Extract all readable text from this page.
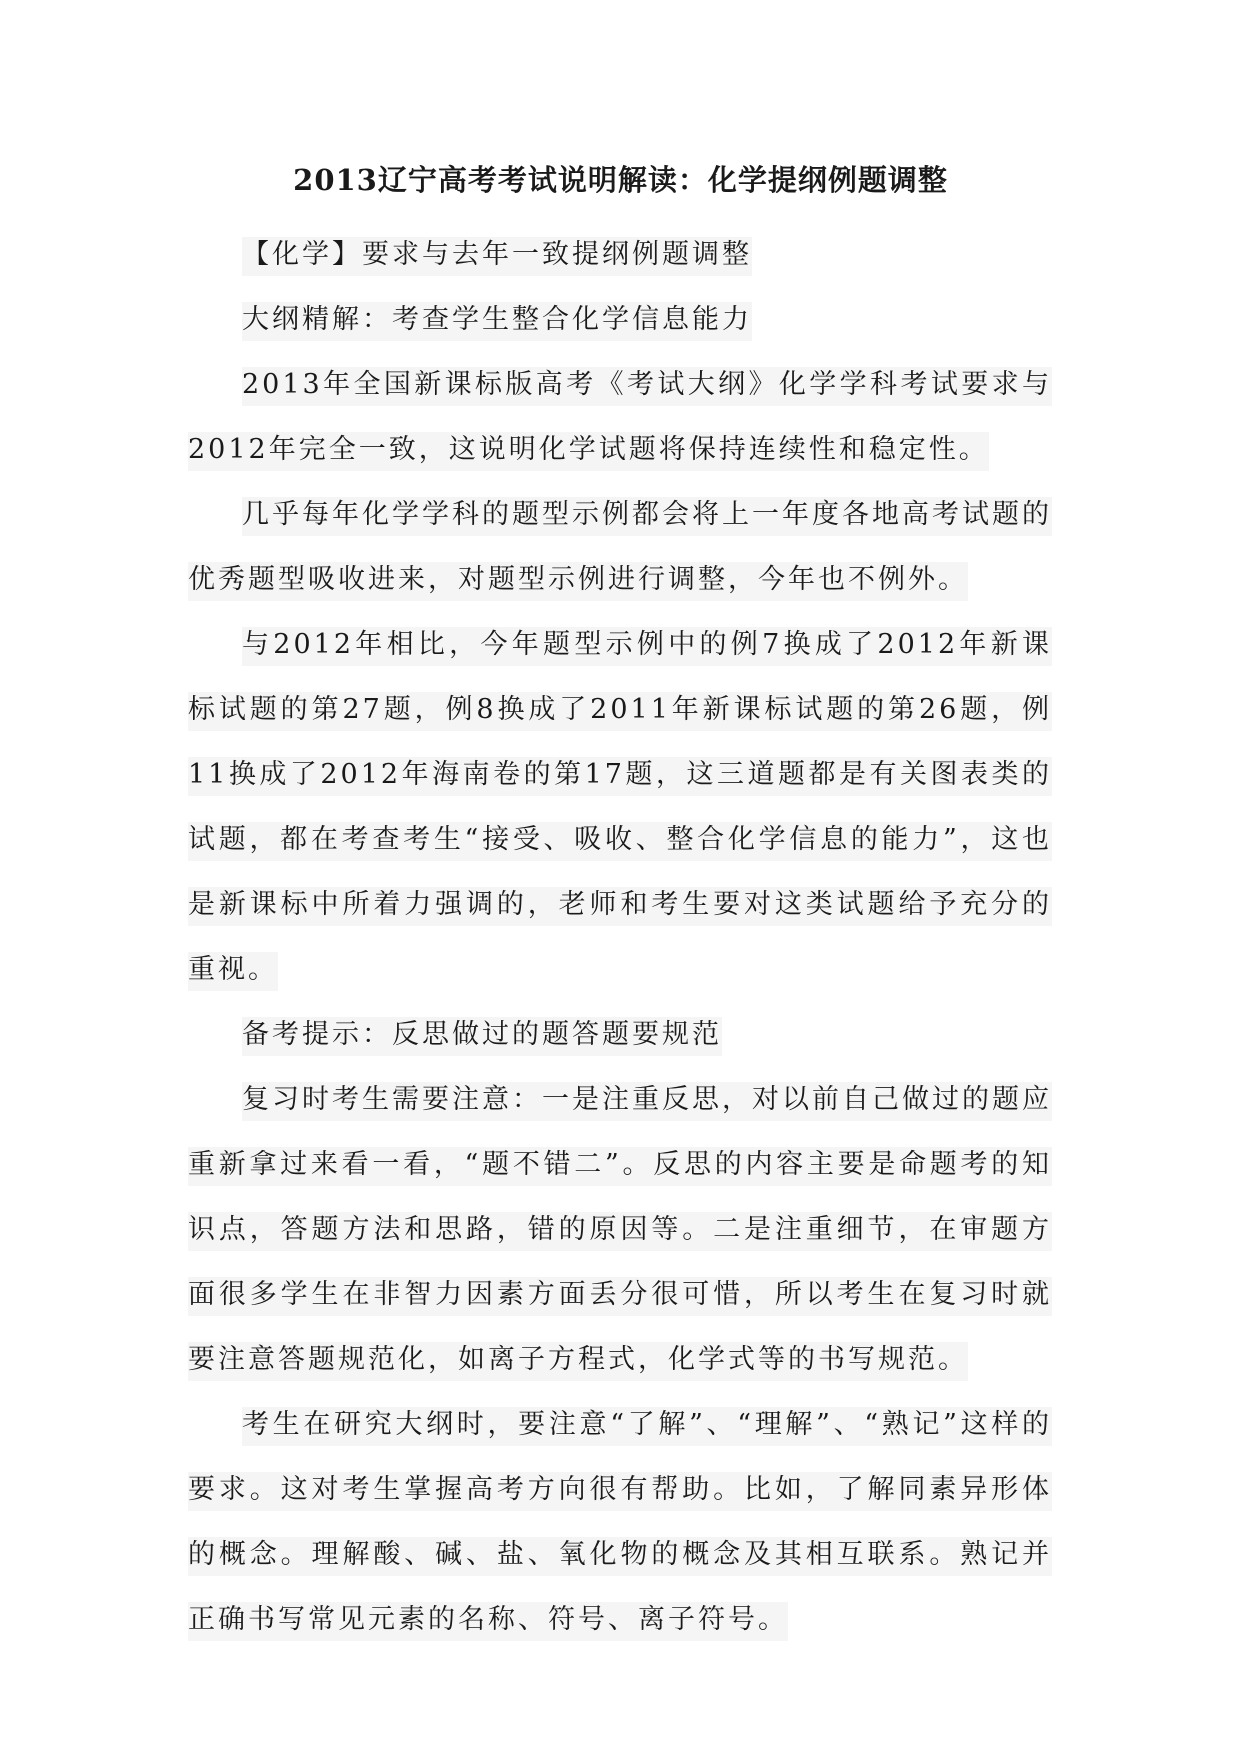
2013辽宁高考考试说明解读：化学提纲例题调整

【化学】要求与去年一致提纲例题调整

大纲精解：考查学生整合化学信息能力

2013年全国新课标版高考《考试大纲》化学学科考试要求与2012年完全一致，这说明化学试题将保持连续性和稳定性。

几乎每年化学学科的题型示例都会将上一年度各地高考试题的优秀题型吸收进来，对题型示例进行调整，今年也不例外。

与2012年相比，今年题型示例中的例7换成了2012年新课标试题的第27题，例8换成了2011年新课标试题的第26题，例11换成了2012年海南卷的第17题，这三道题都是有关图表类的试题，都在考查考生“接受、吸收、整合化学信息的能力”，这也是新课标中所着力强调的，老师和考生要对这类试题给予充分的重视。

备考提示：反思做过的题答题要规范

复习时考生需要注意：一是注重反思，对以前自己做过的题应重新拿过来看一看，“题不错二”。反思的内容主要是命题考的知识点，答题方法和思路，错的原因等。二是注重细节，在审题方面很多学生在非智力因素方面丢分很可惜，所以考生在复习时就要注意答题规范化，如离子方程式，化学式等的书写规范。

考生在研究大纲时，要注意“了解”、“理解”、“熟记”这样的要求。这对考生掌握高考方向很有帮助。比如，了解同素异形体的概念。理解酸、碱、盐、氧化物的概念及其相互联系。熟记并正确书写常见元素的名称、符号、离子符号。
